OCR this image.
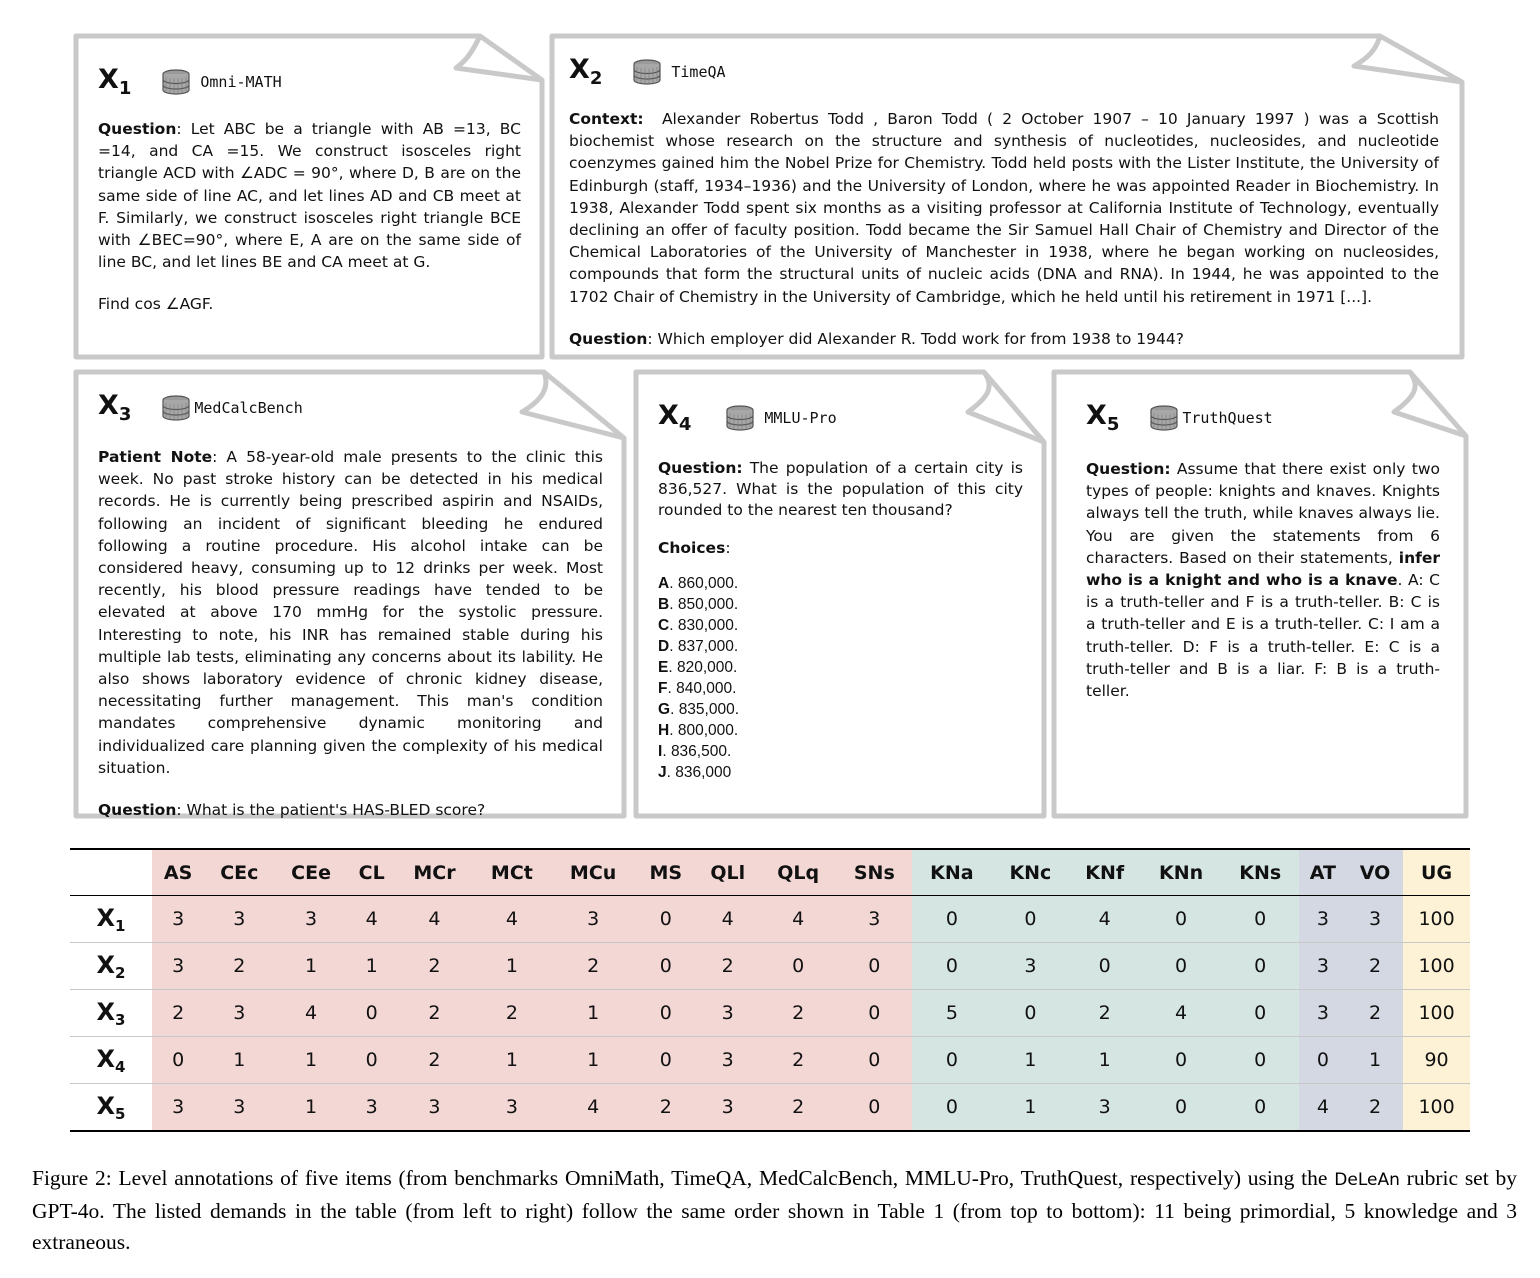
$X_1$	Omni-MATH
Question: Let ABC be a triangle with AB =13, BC =14, and CA =15. We construct isosceles right triangle ACD with ∠ADC = 90°, where D, B are on the same side of line AC, and let lines AD and CB meet at F. Similarly, we construct isosceles right triangle BCE with ∠BEC=90°, where E, A are on the same side of line BC, and let lines BE and CA meet at G.
Find cos ∠AGF.
$X_2$	TimeQA
Context: Alexander Robertus Todd , Baron Todd ( 2 October 1907 – 10 January 1997 ) was a Scottish biochemist whose research on the structure and synthesis of nucleotides, nucleosides, and nucleotide coenzymes gained him the Nobel Prize for Chemistry. Todd held posts with the Lister Institute, the University of Edinburgh (staff, 1934–1936) and the University of London, where he was appointed Reader in Biochemistry. In 1938, Alexander Todd spent six months as a visiting professor at California Institute of Technology, eventually declining an offer of faculty position. Todd became the Sir Samuel Hall Chair of Chemistry and Director of the Chemical Laboratories of the University of Manchester in 1938, where he began working on nucleosides, compounds that form the structural units of nucleic acids (DNA and RNA). In 1944, he was appointed to the 1702 Chair of Chemistry in the University of Cambridge, which he held until his retirement in 1971 [...].
Question: Which employer did Alexander R. Todd work for from 1938 to 1944?
$X_3$	MedCalcBench
Patient Note: A 58-year-old male presents to the clinic this week. No past stroke history can be detected in his medical records. He is currently being prescribed aspirin and NSAIDs, following an incident of significant bleeding he endured following a routine procedure. His alcohol intake can be considered heavy, consuming up to 12 drinks per week. Most recently, his blood pressure readings have tended to be elevated at above 170 mmHg for the systolic pressure. Interesting to note, his INR has remained stable during his multiple lab tests, eliminating any concerns about its lability. He also shows laboratory evidence of chronic kidney disease, necessitating further management. This man's condition mandates comprehensive dynamic monitoring and individualized care planning given the complexity of his medical situation.
Question: What is the patient's HAS-BLED score?
$X_4$	MMLU-Pro
Question: The population of a certain city is 836,527. What is the population of this city rounded to the nearest ten thousand?
Choices:
A. 860,000.
B. 850,000.
C. 830,000.
D. 837,000.
E. 820,000.
F. 840,000.
G. 835,000.
H. 800,000.
I. 836,500.
J. 836,000
$X_5$	TruthQuest
Question: Assume that there exist only two types of people: knights and knaves. Knights always tell the truth, while knaves always lie. You are given the statements from 6 characters. Based on their statements, infer who is a knight and who is a knave. A: C is a truth-teller and F is a truth-teller. B: C is a truth-teller and E is a truth-teller. C: I am a truth-teller. D: F is a truth-teller. E: C is a truth-teller and B is a liar. F: B is a truth-teller.
	AS	CEc	CEe	CL	MCr	MCt	MCu	MS	QLl	QLq	SNs	KNa	KNc	KNf	KNn	KNs	AT	VO	UG
$X_1$	3	3	3	4	4	4	3	0	4	4	3	0	0	4	0	0	3	3	100
$X_2$	3	2	1	1	2	1	2	0	2	0	0	0	3	0	0	0	3	2	100
$X_3$	2	3	4	0	2	2	1	0	3	2	0	5	0	2	4	0	3	2	100
$X_4$	0	1	1	0	2	1	1	0	3	2	0	0	1	1	0	0	0	1	90
$X_5$	3	3	1	3	3	3	4	2	3	2	0	0	1	3	0	0	4	2	100
Figure 2: Level annotations of five items (from benchmarks OmniMath, TimeQA, MedCalcBench, MMLU-Pro, TruthQuest, respectively) using the DeLeAn rubric set by GPT-4o. The listed demands in the table (from left to right) follow the same order shown in Table 1 (from top to bottom): 11 being primordial, 5 knowledge and 3 extraneous.
